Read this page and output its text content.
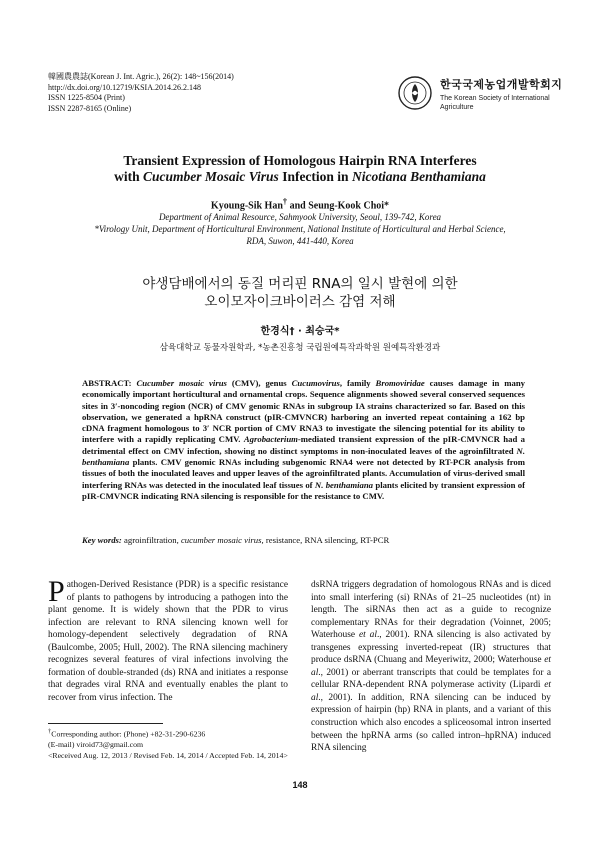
韓國農農誌(Korean J. Int. Agric.), 26(2): 148~156(2014)
http://dx.doi.org/10.12719/KSIA.2014.26.2.148
ISSN 1225-8504 (Print)
ISSN 2287-8165 (Online)
한국국제농업개발학회지
The Korean Society of International
Agriculture
Transient Expression of Homologous Hairpin RNA Interferes
with Cucumber Mosaic Virus Infection in Nicotiana Benthamiana
Kyoung-Sik Han† and Seung-Kook Choi*
Department of Animal Resource, Sahmyook University, Seoul, 139-742, Korea
*Virology Unit, Department of Horticultural Environment, National Institute of Horticultural and Herbal Science,
RDA, Suwon, 441-440, Korea
야생담배에서의 동질 머리핀 RNA의 일시 발현에 의한
오이모자이크바이러스 감염 저해
한경식† · 최승국*
삼육대학교 동물자원학과, *농촌진흥청 국립원예특작과학원 원예특작환경과
ABSTRACT: Cucumber mosaic virus (CMV), genus Cucumovirus, family Bromoviridae causes damage in many economically important horticultural and ornamental crops. Sequence alignments showed several conserved sequences sites in 3′-noncoding region (NCR) of CMV genomic RNAs in subgroup IA strains characterized so far. Based on this observation, we generated a hpRNA construct (pIR-CMVNCR) harboring an inverted repeat containing a 162 bp cDNA fragment homologous to 3′ NCR portion of CMV RNA3 to investigate the silencing potential for its ability to interfere with a rapidly replicating CMV. Agrobacterium-mediated transient expression of the pIR-CMVNCR had a detrimental effect on CMV infection, showing no distinct symptoms in non-inoculated leaves of the agroinfiltrated N. benthamiana plants. CMV genomic RNAs including subgenomic RNA4 were not detected by RT-PCR analysis from tissues of both the inoculated leaves and upper leaves of the agroinfiltrated plants. Accumulation of virus-derived small interfering RNAs was detected in the inoculated leaf tissues of N. benthamiana plants elicited by transient expression of pIR-CMVNCR indicating RNA silencing is responsible for the resistance to CMV.
Key words: agroinfiltration, cucumber mosaic virus, resistance, RNA silencing, RT-PCR
Pathogen-Derived Resistance (PDR) is a specific resistance of plants to pathogens by introducing a pathogen into the plant genome. It is widely shown that the PDR to virus infection are relevant to RNA silencing known well for homology-dependent selectively degradation of RNA (Baulcombe, 2005; Hull, 2002). The RNA silencing machinery recognizes several features of viral infections involving the formation of double-stranded (ds) RNA and initiates a response that degrades viral RNA and eventually enables the plant to recover from virus infection. The
dsRNA triggers degradation of homologous RNAs and is diced into small interfering (si) RNAs of 21–25 nucleotides (nt) in length. The siRNAs then act as a guide to recognize complementary RNAs for their degradation (Voinnet, 2005; Waterhouse et al., 2001). RNA silencing is also activated by transgenes expressing inverted-repeat (IR) structures that produce dsRNA (Chuang and Meyeriwitz, 2000; Waterhouse et al., 2001) or aberrant transcripts that could be templates for a cellular RNA-dependent RNA polymerase activity (Lipardi et al., 2001). In addition, RNA silencing can be induced by expression of hairpin (hp) RNA in plants, and a variant of this construction which also encodes a spliceosomal intron inserted between the hpRNA arms (so called intron–hpRNA) induced RNA silencing
†Corresponding author: (Phone) +82-31-290-6236
(E-mail) viroid73@gmail.com
<Received Aug. 12, 2013 / Revised Feb. 14, 2014 / Accepted Feb. 14, 2014>
148
